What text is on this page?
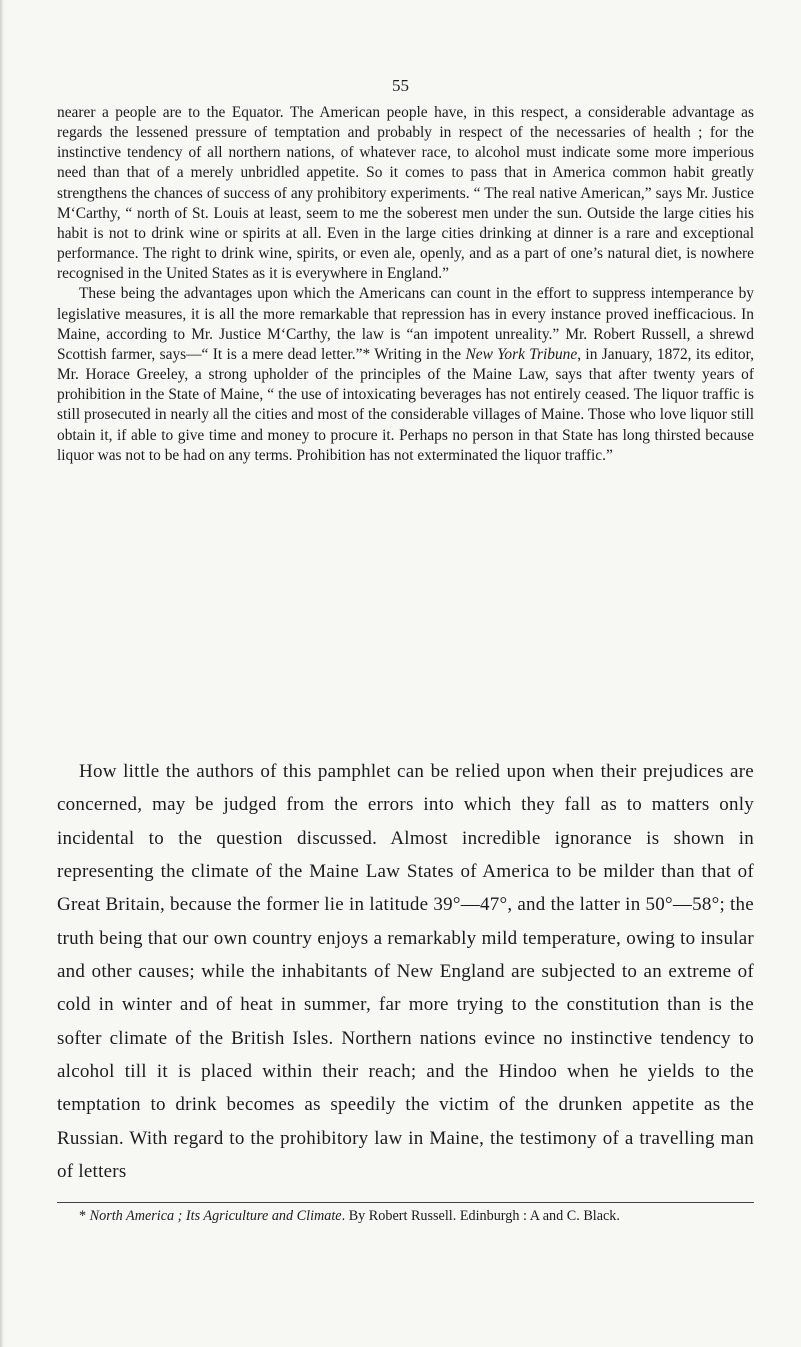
55

nearer a people are to the Equator. The American people have, in this respect, a considerable advantage as regards the lessened pressure of temptation and probably in respect of the necessaries of health ; for the instinctive tendency of all northern nations, of whatever race, to alcohol must indicate some more imperious need than that of a merely unbridled appetite. So it comes to pass that in America common habit greatly strengthens the chances of success of any prohibitory experiments. “ The real native American,” says Mr. Justice M‘Carthy, “ north of St. Louis at least, seem to me the soberest men under the sun. Outside the large cities his habit is not to drink wine or spirits at all. Even in the large cities drinking at dinner is a rare and exceptional performance. The right to drink wine, spirits, or even ale, openly, and as a part of one’s natural diet, is nowhere recognised in the United States as it is everywhere in England.”

These being the advantages upon which the Americans can count in the effort to suppress intemperance by legislative measures, it is all the more remarkable that repression has in every instance proved inefficacious. In Maine, according to Mr. Justice M‘Carthy, the law is “an impotent unreality.” Mr. Robert Russell, a shrewd Scottish farmer, says—“ It is a mere dead letter.”* Writing in the New York Tribune, in January, 1872, its editor, Mr. Horace Greeley, a strong upholder of the principles of the Maine Law, says that after twenty years of prohibition in the State of Maine, “ the use of intoxicating beverages has not entirely ceased. The liquor traffic is still prosecuted in nearly all the cities and most of the considerable villages of Maine. Those who love liquor still obtain it, if able to give time and money to procure it. Perhaps no person in that State has long thirsted because liquor was not to be had on any terms. Prohibition has not exterminated the liquor traffic.”

How little the authors of this pamphlet can be relied upon when their prejudices are concerned, may be judged from the errors into which they fall as to matters only incidental to the question discussed. Almost incredible ignorance is shown in representing the climate of the Maine Law States of America to be milder than that of Great Britain, because the former lie in latitude 39°—47°, and the latter in 50°—58°; the truth being that our own country enjoys a remarkably mild temperature, owing to insular and other causes; while the inhabitants of New England are subjected to an extreme of cold in winter and of heat in summer, far more trying to the constitution than is the softer climate of the British Isles. Northern nations evince no instinctive tendency to alcohol till it is placed within their reach; and the Hindoo when he yields to the temptation to drink becomes as speedily the victim of the drunken appetite as the Russian. With regard to the prohibitory law in Maine, the testimony of a travelling man of letters

* North America ; Its Agriculture and Climate. By Robert Russell. Edinburgh : A and C. Black.
